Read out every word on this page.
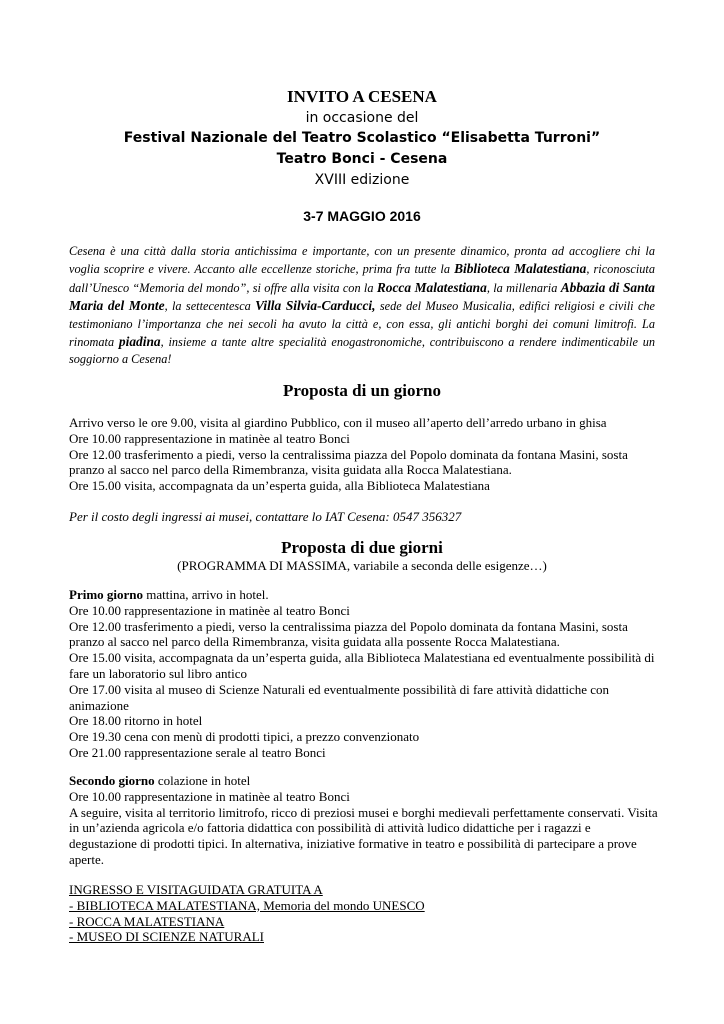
INVITO A CESENA
in occasione del
Festival Nazionale del Teatro Scolastico “Elisabetta Turroni”
Teatro Bonci - Cesena
XVIII edizione
3-7 MAGGIO 2016
Cesena è una città dalla storia antichissima e importante, con un presente dinamico, pronta ad accogliere chi la voglia scoprire e vivere. Accanto alle eccellenze storiche, prima fra tutte la Biblioteca Malatestiana, riconosciuta dall’Unesco “Memoria del mondo”, si offre alla visita con la Rocca Malatestiana, la millenaria Abbazia di Santa Maria del Monte, la settecentesca Villa Silvia-Carducci, sede del Museo Musicalia, edifici religiosi e civili che testimoniano l’importanza che nei secoli ha avuto la città e, con essa, gli antichi borghi dei comuni limitrofi. La rinomata piadina, insieme a tante altre specialità enogastronomiche, contribuiscono a rendere indimenticabile un soggiorno a Cesena!
Proposta di un giorno
Arrivo verso le ore 9.00, visita al giardino Pubblico, con il museo all’aperto dell’arredo urbano in ghisa
Ore 10.00 rappresentazione in matinèe al teatro Bonci
Ore 12.00 trasferimento a piedi, verso la centralissima piazza del Popolo dominata da fontana Masini, sosta pranzo al sacco nel parco della Rimembranza, visita guidata alla Rocca Malatestiana.
Ore 15.00 visita, accompagnata da un’esperta guida, alla Biblioteca Malatestiana
Per il costo degli ingressi ai musei, contattare lo IAT Cesena: 0547 356327
Proposta di due giorni
(PROGRAMMA DI MASSIMA, variabile a seconda delle esigenze…)
Primo giorno mattina, arrivo in hotel.
Ore 10.00 rappresentazione in matinèe al teatro Bonci
Ore 12.00 trasferimento a piedi, verso la centralissima piazza del Popolo dominata da fontana Masini, sosta pranzo al sacco nel parco della Rimembranza, visita guidata alla possente Rocca Malatestiana.
Ore 15.00 visita, accompagnata da un’esperta guida, alla Biblioteca Malatestiana ed eventualmente possibilità di fare un laboratorio sul libro antico
Ore 17.00 visita al museo di Scienze Naturali ed eventualmente possibilità di fare attività didattiche con animazione
Ore 18.00 ritorno in hotel
Ore 19.30 cena con menù di prodotti tipici, a prezzo convenzionato
Ore 21.00 rappresentazione serale al teatro Bonci
Secondo giorno colazione in hotel
Ore 10.00 rappresentazione in matinèe al teatro Bonci
A seguire, visita al territorio limitrofo, ricco di preziosi musei e borghi medievali perfettamente conservati. Visita in un’azienda agricola e/o fattoria didattica con possibilità di attività ludico didattiche per i ragazzi e degustazione di prodotti tipici. In alternativa, iniziative formative in teatro e possibilità di partecipare a prove aperte.
INGRESSO E VISITAGUIDATA GRATUITA A
- BIBLIOTECA MALATESTIANA, Memoria del mondo UNESCO
- ROCCA MALATESTIANA
- MUSEO DI SCIENZE NATURALI
